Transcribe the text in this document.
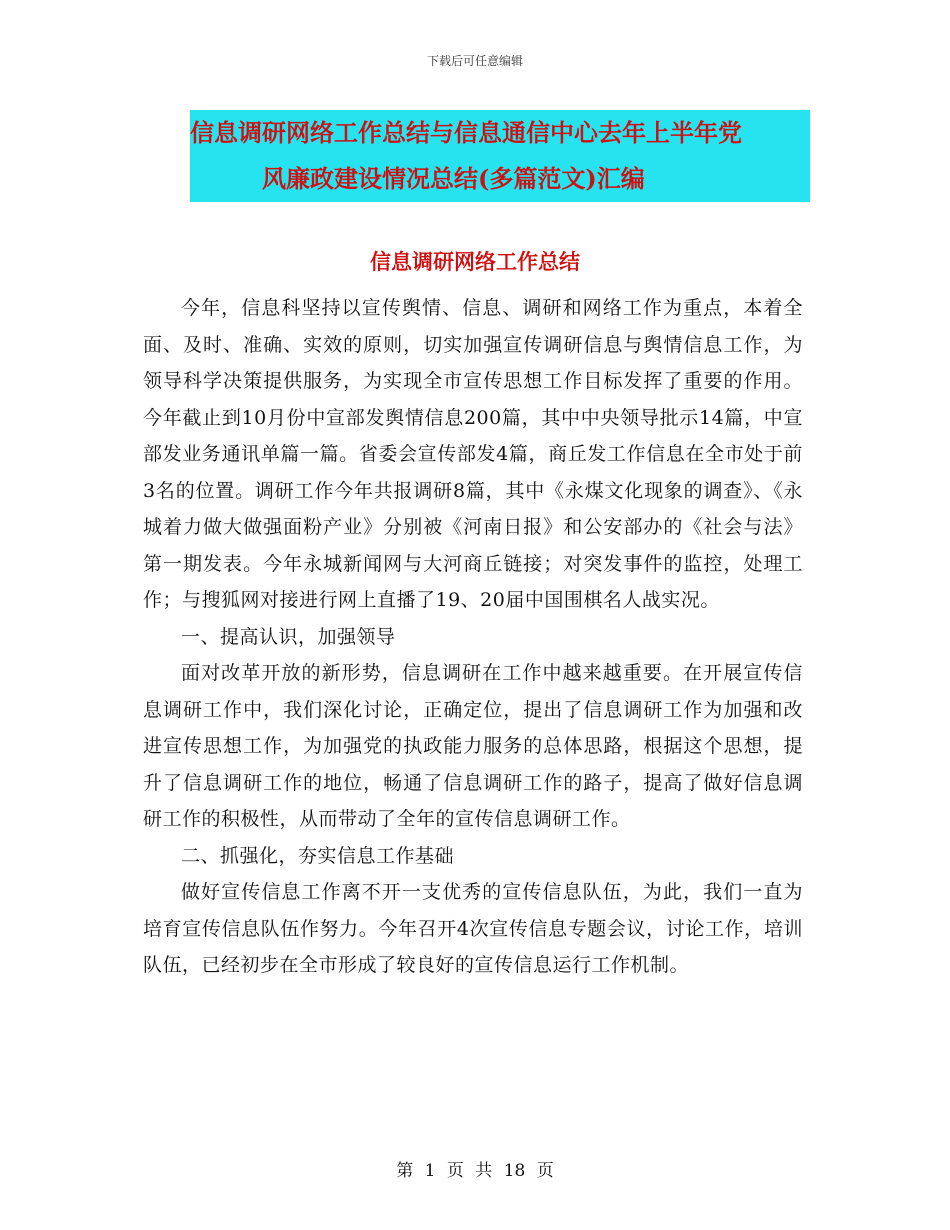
下载后可任意编辑
信息调研网络工作总结与信息通信中心去年上半年党
风廉政建设情况总结(多篇范文)汇编
信息调研网络工作总结

今年，信息科坚持以宣传舆情、信息、调研和网络工作为重点，本着全面、及时、准确、实效的原则，切实加强宣传调研信息与舆情信息工作，为领导科学决策提供服务，为实现全市宣传思想工作目标发挥了重要的作用。今年截止到10月份中宣部发舆情信息200篇，其中中央领导批示14篇，中宣部发业务通讯单篇一篇。省委会宣传部发4篇，商丘发工作信息在全市处于前3名的位置。调研工作今年共报调研8篇，其中《永煤文化现象的调查》、《永城着力做大做强面粉产业》分别被《河南日报》和公安部办的《社会与法》第一期发表。今年永城新闻网与大河商丘链接；对突发事件的监控，处理工作；与搜狐网对接进行网上直播了19、20届中国围棋名人战实况。

一、提高认识，加强领导

面对改革开放的新形势，信息调研在工作中越来越重要。在开展宣传信息调研工作中，我们深化讨论，正确定位，提出了信息调研工作为加强和改进宣传思想工作，为加强党的执政能力服务的总体思路，根据这个思想，提升了信息调研工作的地位，畅通了信息调研工作的路子，提高了做好信息调研工作的积极性，从而带动了全年的宣传信息调研工作。

二、抓强化，夯实信息工作基础

做好宣传信息工作离不开一支优秀的宣传信息队伍，为此，我们一直为培育宣传信息队伍作努力。今年召开4次宣传信息专题会议，讨论工作，培训队伍，已经初步在全市形成了较良好的宣传信息运行工作机制。

第 1 页 共 18 页
